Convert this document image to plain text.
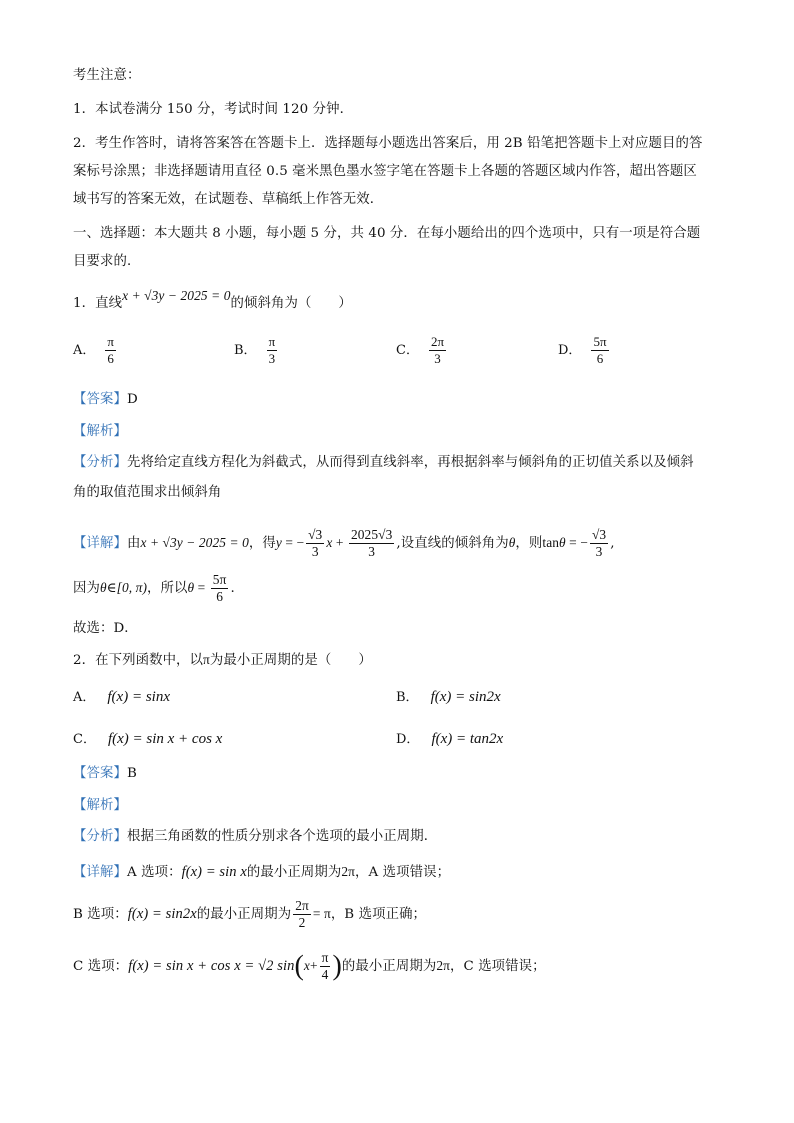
考生注意：
1．本试卷满分 150 分，考试时间 120 分钟．
2．考生作答时，请将答案答在答题卡上．选择题每小题选出答案后，用 2B 铅笔把答题卡上对应题目的答
案标号涂黑；非选择题请用直径 0.5 毫米黑色墨水签字笔在答题卡上各题的答题区域内作答，超出答题区
域书写的答案无效，在试题卷、草稿纸上作答无效．
一、选择题：本大题共 8 小题，每小题 5 分，共 40 分．在每小题给出的四个选项中，只有一项是符合题
目要求的．
1．直线x + √3y − 2025 = 0的倾斜角为（　　）
A． $\frac{\pi}{6}$	B． $\frac{\pi}{3}$	C． $\frac{2\pi}{3}$	D． $\frac{5\pi}{6}$
【答案】D
【解析】
【分析】先将给定直线方程化为斜截式，从而得到直线斜率，再根据斜率与倾斜角的正切值关系以及倾斜
角的取值范围求出倾斜角
【详解】由x + √3y − 2025 = 0，得y = − $\frac{√3}{3}$ $x + \frac{2025√3}{3}$ ,设直线的倾斜角为θ，则tanθ = − $\frac{√3}{3}$ ,
因为θ∈[0, π)，所以$\theta = \frac{5\pi}{6}$ .
故选：D．
2．在下列函数中，以π为最小正周期的是（　　）
A． f(x) = sinx	B． f(x) = sin2x
C． f(x) = sin x + cos x	D． f(x) = tan2x
【答案】B
【解析】
【分析】根据三角函数的性质分别求各个选项的最小正周期．
【详解】A 选项：f(x) = sin x的最小正周期为2π，A 选项错误；
B 选项：f(x) = sin2x的最小正周期为 $\frac{2\pi}{2} = \pi$，B 选项正确；
C 选项：f(x) = sin x + cos x = √2 $\sin(x+ \frac{\pi}{4}$ )的最小正周期为2π，C 选项错误；
